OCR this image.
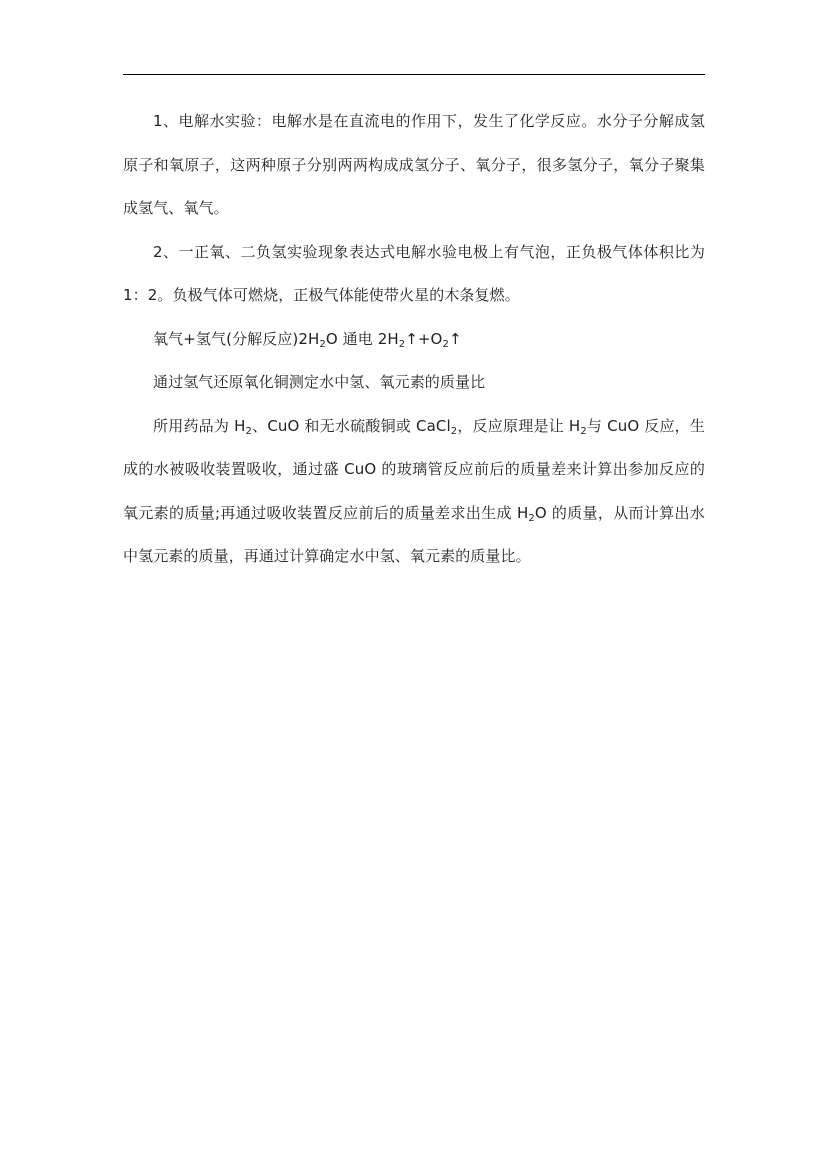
1、电解水实验：电解水是在直流电的作用下，发生了化学反应。水分子分解成氢原子和氧原子，这两种原子分别两两构成成氢分子、氧分子，很多氢分子，氧分子聚集成氢气、氧气。

2、一正氧、二负氢实验现象表达式电解水验电极上有气泡，正负极气体体积比为 1：2。负极气体可燃烧，正极气体能使带火星的木条复燃。

氧气+氢气(分解反应)$2H_2O$ 通电 $2H_2↑+O_2↑$

通过氢气还原氧化铜测定水中氢、氧元素的质量比

所用药品为 $H_2$、CuO 和无水硫酸铜或 CaCl$_2$，反应原理是让 $H_2$与 CuO 反应，生成的水被吸收装置吸收，通过盛 CuO 的玻璃管反应前后的质量差来计算出参加反应的氧元素的质量;再通过吸收装置反应前后的质量差求出生成 $H_2O$ 的质量，从而计算出水中氢元素的质量，再通过计算确定水中氢、氧元素的质量比。
